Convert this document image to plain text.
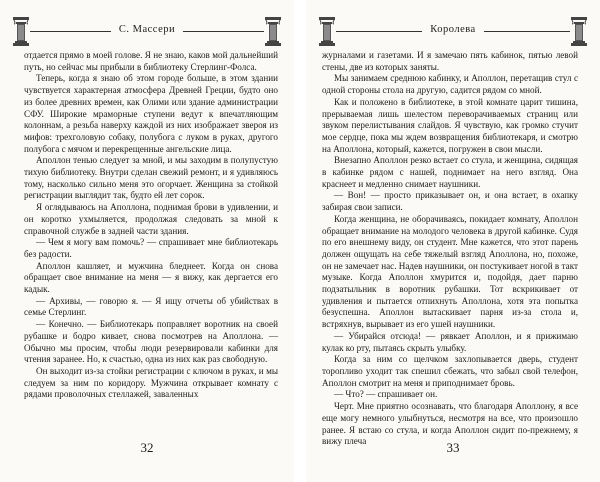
С. Массери

отдается прямо в моей голове. Я не знаю, каков мой дальнейший путь, но сейчас мы прибыли в библиотеку Стерлинг-Фолса.

Теперь, когда я знаю об этом городе больше, в этом здании чувствуется характерная атмосфера Древней Греции, будто оно из более древних времен, как Олими или здание администрации СФУ. Широкие мраморные ступени ведут к впечатляющим колоннам, а резьба наверху каждой из них изображает звероя из мифов: трехголовую собаку, полубога с луком в руках, другого полубога с мячом и перекрещенные ангельские лица.

Аполлон тенью следует за мной, и мы заходим в полупустую тихую библиотеку. Внутри сделан свежий ремонт, и я удивляюсь тому, насколько сильно меня это огорчает. Женщина за стойкой регистрации выглядит так, будто ей лет сорок.

Я оглядываюсь на Аполлона, поднимая брови в удивлении, и он коротко ухмыляется, продолжая следовать за мной к справочной службе в задней части здания.

— Чем я могу вам помочь? — спрашивает мне библиотекарь без радости.

Аполлон кашляет, и мужчина бледнеет. Когда он снова обращает свое внимание на меня — я вижу, как дергается его кадык.

— Архивы, — говорю я. — Я ищу отчеты об убийствах в семье Стерлинг.

— Конечно. — Библиотекарь поправляет воротник на своей рубашке и бодро кивает, снова посмотрев на Аполлона. — Обычно мы просим, чтобы люди резервировали кабинки для чтения заранее. Но, к счастью, одна из них как раз свободную.

Он выходит из-за стойки регистрации с ключом в руках, и мы следуем за ним по коридору. Мужчина открывает комнату с рядами проволочных стеллажей, заваленных

32
Королева

журналами и газетами. И я замечаю пять кабинок, пятью левой стены, две из которых заняты.

Мы занимаем среднюю кабинку, и Аполлон, перетащив стул с одной стороны стола на другую, садится рядом со мной.

Как и положено в библиотеке, в этой комнате царит тишина, прерываемая лишь шелестом переворачиваемых страниц или звуком перелистывания слайдов. Я чувствую, как громко стучит мое сердце, пока мы ждем возвращения библиотекаря, и смотрю на Аполлона, который, кажется, погружен в свои мысли.

Внезапно Аполлон резко встает со стула, и женщина, сидящая в кабинке рядом с нашей, поднимает на него взгляд. Она краснеет и медленно снимает наушники.

— Вон! — просто приказывает он, и она встает, в охапку забирая свои записи.

Когда женщина, не оборачиваясь, покидает комнату, Аполлон обращает внимание на молодого человека в другой кабинке. Судя по его внешнему виду, он студент. Мне кажется, что этот парень должен ощущать на себе тяжелый взгляд Аполлона, но, похоже, он не замечает нас. Надев наушники, он постукивает ногой в такт музыке. Когда Аполлон хмурится и, подойдя, дает парню подзатыльник в воротник рубашки. Тот вскрикивает от удивления и пытается отпихнуть Аполлона, хотя эта попытка безуспешна. Аполлон вытаскивает парня из-за стола и, встряхнув, вырывает из его ушей наушники.

— Убирайся отсюда! — рявкает Аполлон, и я прижимаю кулак ко рту, пытаясь скрыть улыбку.

Когда за ним со щелчком захлопывается дверь, студент торопливо уходит так спешил сбежать, что забыл свой телефон, Аполлон смотрит на меня и приподнимает бровь.

— Что? — спрашивает он.

Черт. Мне приятно осознавать, что благодаря Аполлону, я все еще могу немного улыбнуться, несмотря на все, что произошло ранее. Я встаю со стула, и когда Аполлон сидит по-прежнему, я вижу плеча	33
